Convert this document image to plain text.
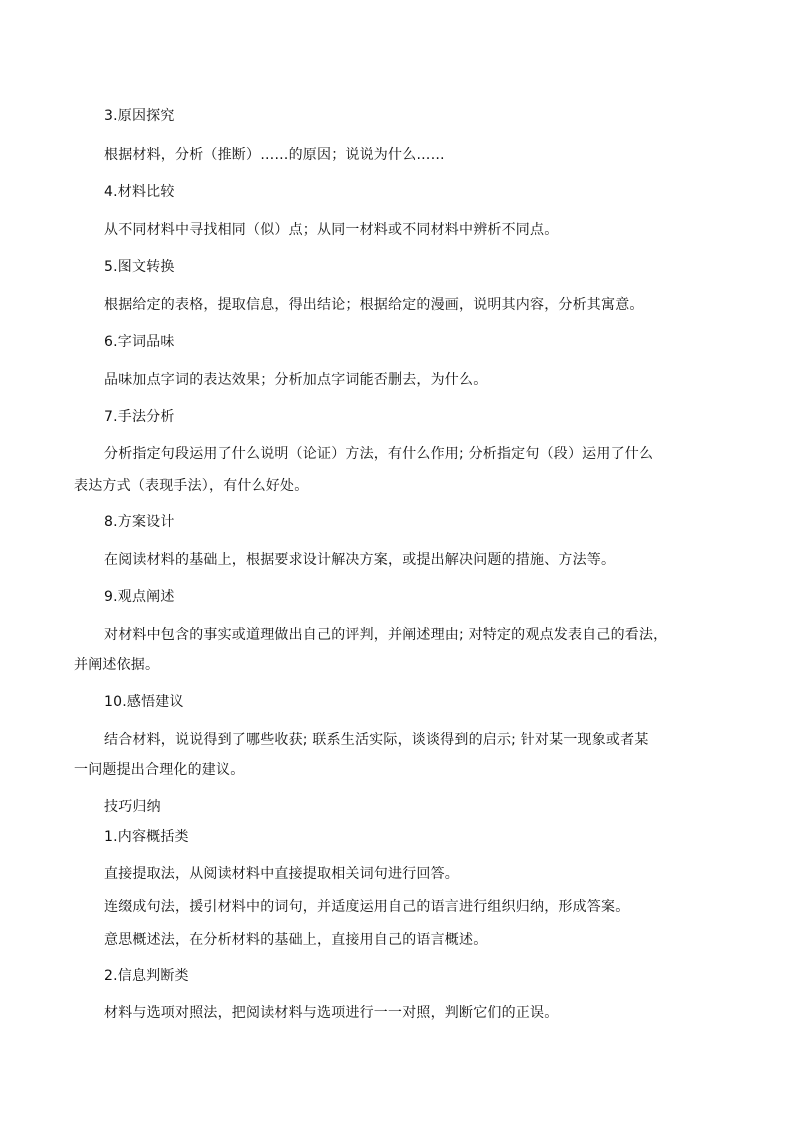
3.原因探究
根据材料，分析（推断）……的原因；说说为什么……
4.材料比较
从不同材料中寻找相同（似）点；从同一材料或不同材料中辨析不同点。
5.图文转换
根据给定的表格，提取信息，得出结论；根据给定的漫画，说明其内容，分析其寓意。
6.字词品味
品味加点字词的表达效果；分析加点字词能否删去，为什么。
7.手法分析
分析指定句段运用了什么说明（论证）方法，有什么作用; 分析指定句（段）运用了什么
表达方式（表现手法），有什么好处。
8.方案设计
在阅读材料的基础上，根据要求设计解决方案，或提出解决问题的措施、方法等。
9.观点阐述
对材料中包含的事实或道理做出自己的评判，并阐述理由; 对特定的观点发表自己的看法，
并阐述依据。
10.感悟建议
结合材料，说说得到了哪些收获; 联系生活实际，谈谈得到的启示; 针对某一现象或者某
一问题提出合理化的建议。
技巧归纳
1.内容概括类
直接提取法，从阅读材料中直接提取相关词句进行回答。
连缀成句法，援引材料中的词句，并适度运用自己的语言进行组织归纳，形成答案。
意思概述法，在分析材料的基础上，直接用自己的语言概述。
2.信息判断类
材料与选项对照法，把阅读材料与选项进行一一对照，判断它们的正误。
